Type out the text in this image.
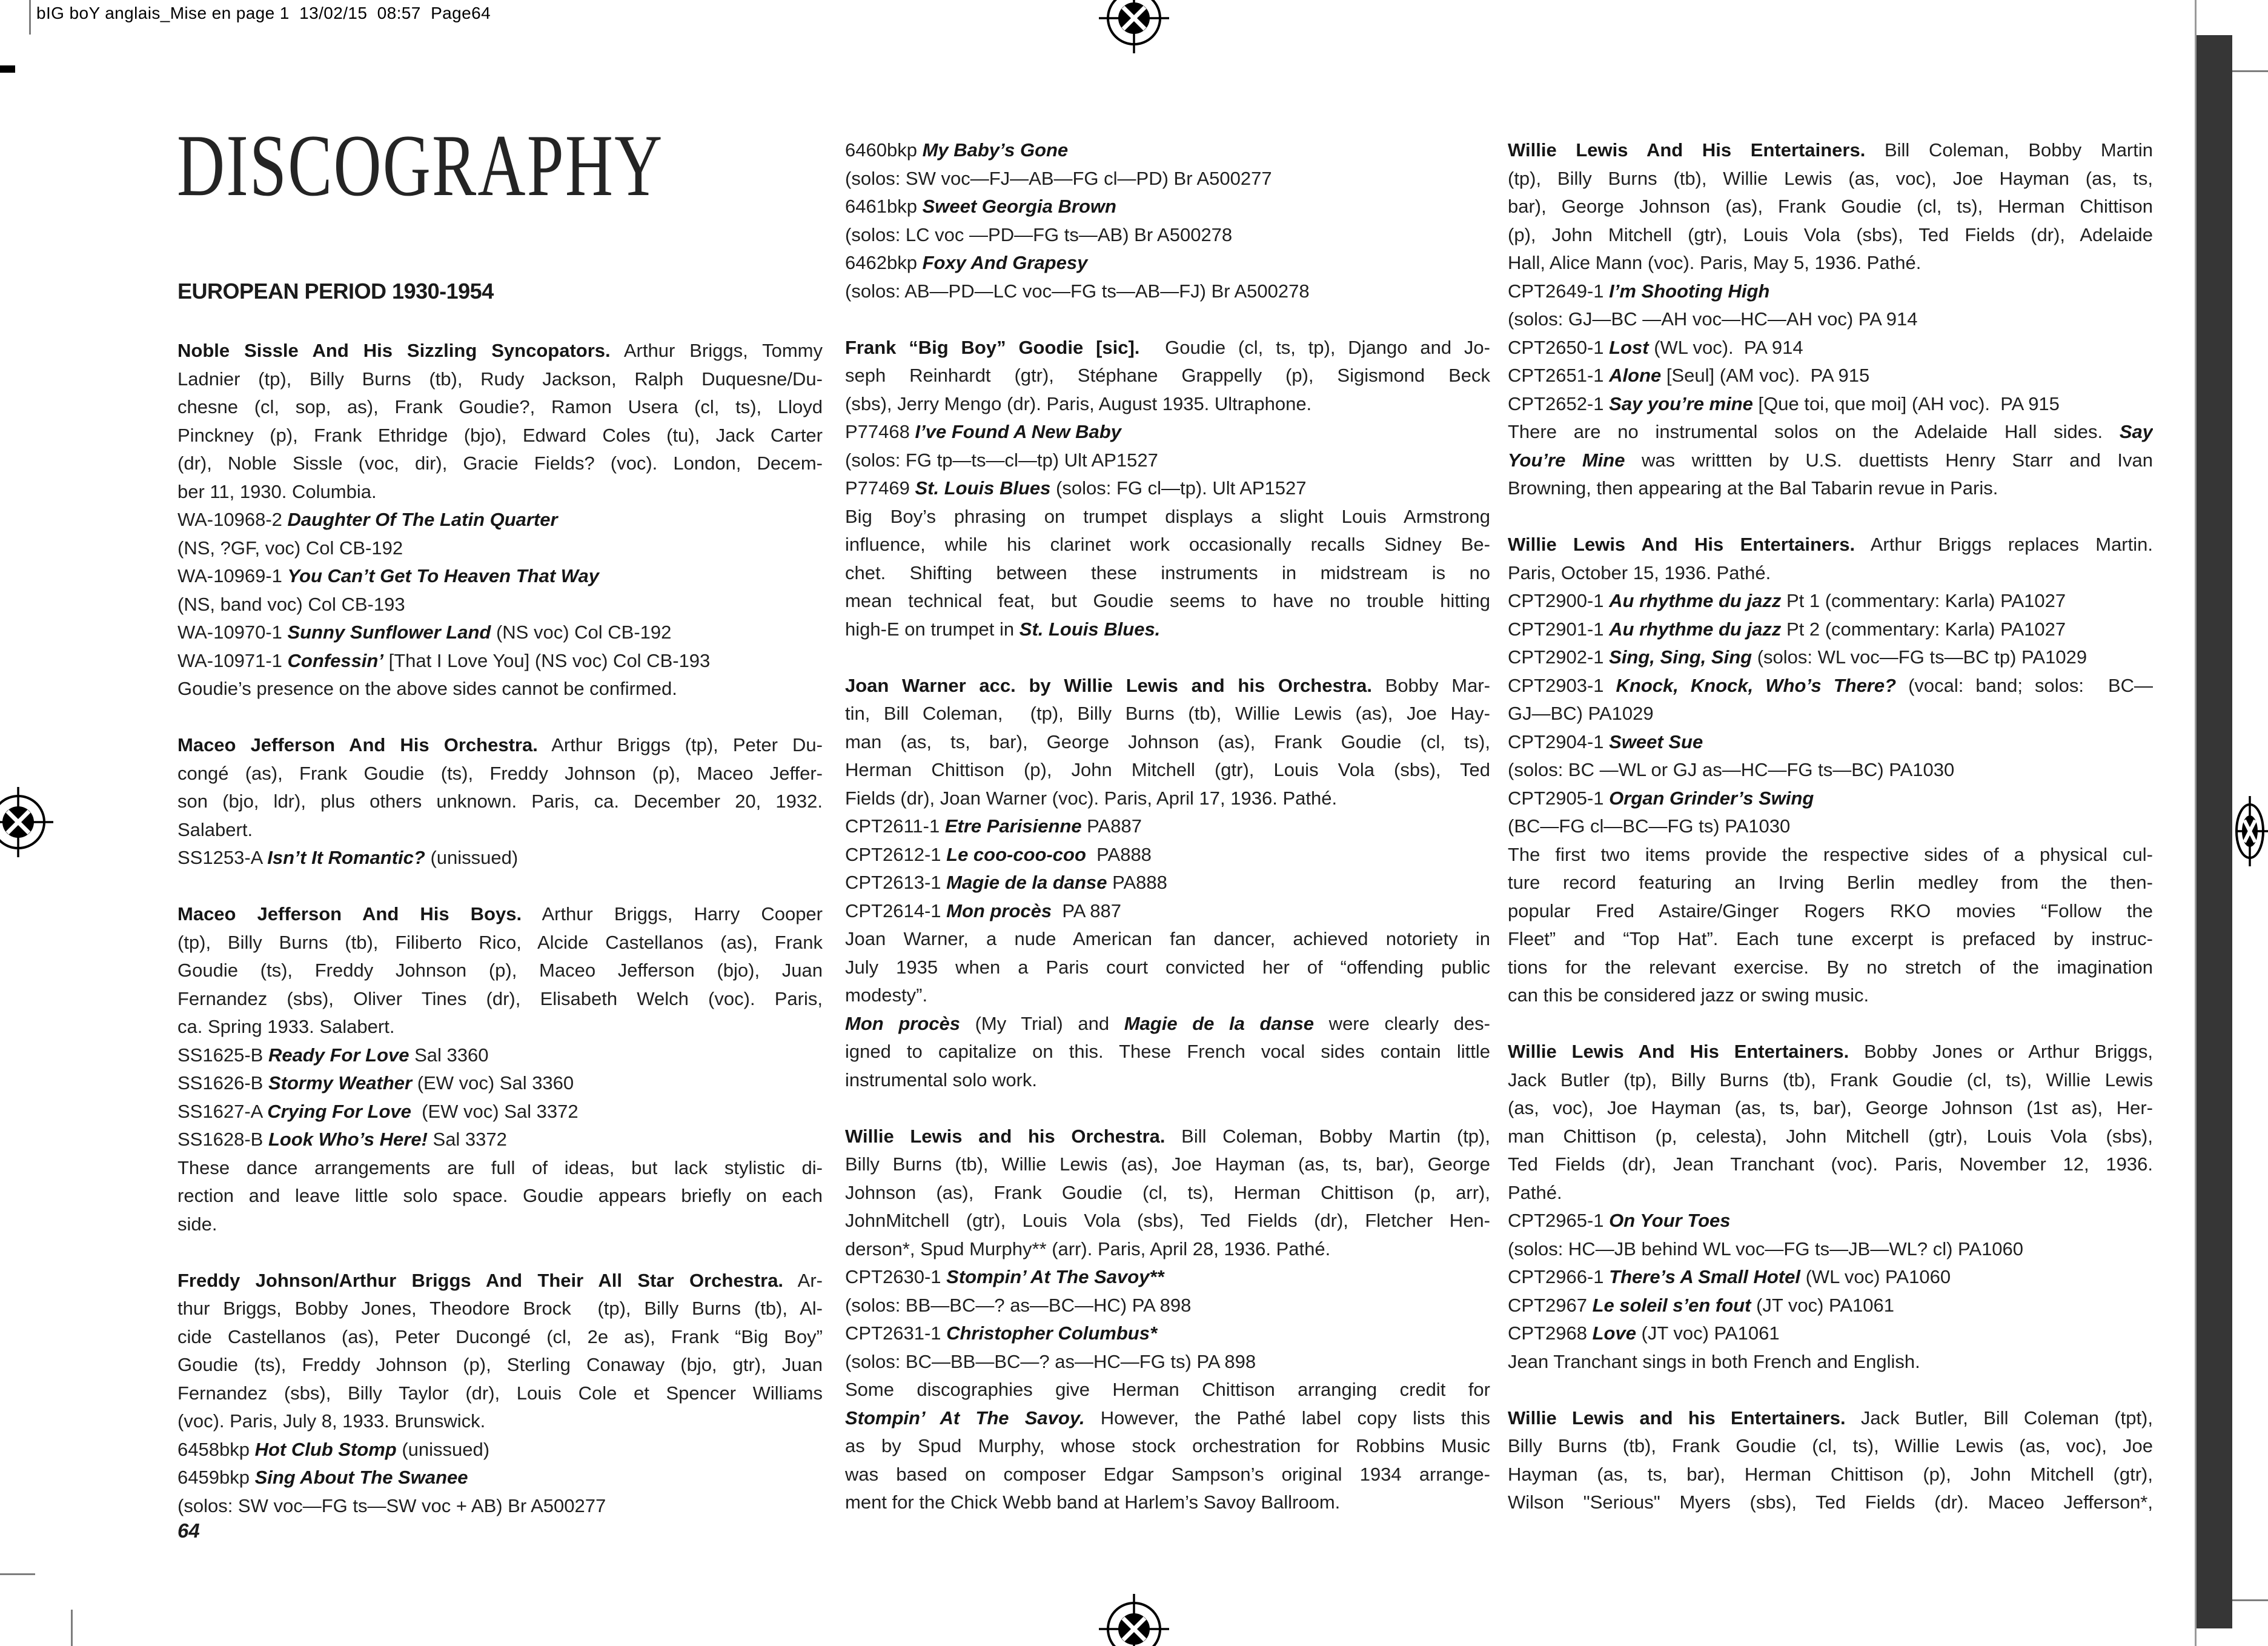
bIG boY anglais_Mise en page 1  13/02/15  08:57  Page64
DISCOGRAPHY
EUROPEAN PERIOD 1930-1954
Noble Sissle And His Sizzling Syncopators. Arthur Briggs, Tommy
Ladnier (tp), Billy Burns (tb), Rudy Jackson, Ralph Duquesne/Du-
chesne (cl, sop, as), Frank Goudie?, Ramon Usera (cl, ts), Lloyd
Pinckney (p), Frank Ethridge (bjo), Edward Coles (tu), Jack Carter
(dr), Noble Sissle (voc, dir), Gracie Fields? (voc). London, Decem-
ber 11, 1930. Columbia.
WA-10968-2 Daughter Of The Latin Quarter
(NS, ?GF, voc) Col CB-192
WA-10969-1 You Can’t Get To Heaven That Way
(NS, band voc) Col CB-193
WA-10970-1 Sunny Sunflower Land (NS voc) Col CB-192
WA-10971-1 Confessin’ [That I Love You] (NS voc) Col CB-193
Goudie’s presence on the above sides cannot be confirmed.
Maceo Jefferson And His Orchestra. Arthur Briggs (tp), Peter Du-
congé (as), Frank Goudie (ts), Freddy Johnson (p), Maceo Jeffer-
son (bjo, ldr), plus others unknown. Paris, ca. December 20, 1932.
Salabert.
SS1253-A Isn’t It Romantic? (unissued)
Maceo Jefferson And His Boys. Arthur Briggs, Harry Cooper
(tp), Billy Burns (tb), Filiberto Rico, Alcide Castellanos (as), Frank
Goudie (ts), Freddy Johnson (p), Maceo Jefferson (bjo), Juan
Fernandez (sbs), Oliver Tines (dr), Elisabeth Welch (voc). Paris,
ca. Spring 1933. Salabert.
SS1625-B Ready For Love Sal 3360
SS1626-B Stormy Weather (EW voc) Sal 3360
SS1627-A Crying For Love  (EW voc) Sal 3372
SS1628-B Look Who’s Here! Sal 3372
These dance arrangements are full of ideas, but lack stylistic di-
rection and leave little solo space. Goudie appears briefly on each
side.
Freddy Johnson/Arthur Briggs And Their All Star Orchestra. Ar-
thur Briggs, Bobby Jones, Theodore Brock  (tp), Billy Burns (tb), Al-
cide Castellanos (as), Peter Ducongé (cl, 2e as), Frank “Big Boy”
Goudie (ts), Freddy Johnson (p), Sterling Conaway (bjo, gtr), Juan
Fernandez (sbs), Billy Taylor (dr), Louis Cole et Spencer Williams
(voc). Paris, July 8, 1933. Brunswick.
6458bkp Hot Club Stomp (unissued)
6459bkp Sing About The Swanee
(solos: SW voc—FG ts—SW voc + AB) Br A500277
6460bkp My Baby’s Gone
(solos: SW voc—FJ—AB—FG cl—PD) Br A500277
6461bkp Sweet Georgia Brown
(solos: LC voc —PD—FG ts—AB) Br A500278
6462bkp Foxy And Grapesy
(solos: AB—PD—LC voc—FG ts—AB—FJ) Br A500278
Frank “Big Boy” Goodie [sic].  Goudie (cl, ts, tp), Django and Jo-
seph Reinhardt (gtr), Stéphane Grappelly (p), Sigismond Beck
(sbs), Jerry Mengo (dr). Paris, August 1935. Ultraphone.
P77468 I’ve Found A New Baby
(solos: FG tp—ts—cl—tp) Ult AP1527
P77469 St. Louis Blues (solos: FG cl—tp). Ult AP1527
Big Boy’s phrasing on trumpet displays a slight Louis Armstrong
influence, while his clarinet work occasionally recalls Sidney Be-
chet. Shifting between these instruments in midstream is no
mean technical feat, but Goudie seems to have no trouble hitting
high-E on trumpet in St. Louis Blues.
Joan Warner acc. by Willie Lewis and his Orchestra. Bobby Mar-
tin, Bill Coleman,  (tp), Billy Burns (tb), Willie Lewis (as), Joe Hay-
man (as, ts, bar), George Johnson (as), Frank Goudie (cl, ts),
Herman Chittison (p), John Mitchell (gtr), Louis Vola (sbs), Ted
Fields (dr), Joan Warner (voc). Paris, April 17, 1936. Pathé.
CPT2611-1 Etre Parisienne PA887
CPT2612-1 Le coo-coo-coo  PA888
CPT2613-1 Magie de la danse PA888
CPT2614-1 Mon procès  PA 887
Joan Warner, a nude American fan dancer, achieved notoriety in
July 1935 when a Paris court convicted her of “offending public
modesty”.
Mon procès (My Trial) and Magie de la danse were clearly des-
igned to capitalize on this. These French vocal sides contain little
instrumental solo work.
Willie Lewis and his Orchestra. Bill Coleman, Bobby Martin (tp),
Billy Burns (tb), Willie Lewis (as), Joe Hayman (as, ts, bar), George
Johnson (as), Frank Goudie (cl, ts), Herman Chittison (p, arr),
JohnMitchell (gtr), Louis Vola (sbs), Ted Fields (dr), Fletcher Hen-
derson*, Spud Murphy** (arr). Paris, April 28, 1936. Pathé.
CPT2630-1 Stompin’ At The Savoy**
(solos: BB—BC—? as—BC—HC) PA 898
CPT2631-1 Christopher Columbus*
(solos: BC—BB—BC—? as—HC—FG ts) PA 898
Some discographies give Herman Chittison arranging credit for
Stompin’ At The Savoy. However, the Pathé label copy lists this
as by Spud Murphy, whose stock orchestration for Robbins Music
was based on composer Edgar Sampson’s original 1934 arrange-
ment for the Chick Webb band at Harlem’s Savoy Ballroom.
Willie Lewis And His Entertainers. Bill Coleman, Bobby Martin
(tp), Billy Burns (tb), Willie Lewis (as, voc), Joe Hayman (as, ts,
bar), George Johnson (as), Frank Goudie (cl, ts), Herman Chittison
(p), John Mitchell (gtr), Louis Vola (sbs), Ted Fields (dr), Adelaide
Hall, Alice Mann (voc). Paris, May 5, 1936. Pathé.
CPT2649-1 I’m Shooting High
(solos: GJ—BC —AH voc—HC—AH voc) PA 914
CPT2650-1 Lost (WL voc).  PA 914
CPT2651-1 Alone [Seul] (AM voc).  PA 915
CPT2652-1 Say you’re mine [Que toi, que moi] (AH voc).  PA 915
There are no instrumental solos on the Adelaide Hall sides. Say
You’re Mine was writtten by U.S. duettists Henry Starr and Ivan
Browning, then appearing at the Bal Tabarin revue in Paris.
Willie Lewis And His Entertainers. Arthur Briggs replaces Martin.
Paris, October 15, 1936. Pathé.
CPT2900-1 Au rhythme du jazz Pt 1 (commentary: Karla) PA1027
CPT2901-1 Au rhythme du jazz Pt 2 (commentary: Karla) PA1027
CPT2902-1 Sing, Sing, Sing (solos: WL voc—FG ts—BC tp) PA1029
CPT2903-1 Knock, Knock, Who’s There? (vocal: band; solos:  BC—
GJ—BC) PA1029
CPT2904-1 Sweet Sue
(solos: BC —WL or GJ as—HC—FG ts—BC) PA1030
CPT2905-1 Organ Grinder’s Swing
(BC—FG cl—BC—FG ts) PA1030
The first two items provide the respective sides of a physical cul-
ture record featuring an Irving Berlin medley from the then-
popular Fred Astaire/Ginger Rogers RKO movies “Follow the
Fleet” and “Top Hat”. Each tune excerpt is prefaced by instruc-
tions for the relevant exercise. By no stretch of the imagination
can this be considered jazz or swing music.
Willie Lewis And His Entertainers. Bobby Jones or Arthur Briggs,
Jack Butler (tp), Billy Burns (tb), Frank Goudie (cl, ts), Willie Lewis
(as, voc), Joe Hayman (as, ts, bar), George Johnson (1st as), Her-
man Chittison (p, celesta), John Mitchell (gtr), Louis Vola (sbs),
Ted Fields (dr), Jean Tranchant (voc). Paris, November 12, 1936.
Pathé.
CPT2965-1 On Your Toes
(solos: HC—JB behind WL voc—FG ts—JB—WL? cl) PA1060
CPT2966-1 There’s A Small Hotel (WL voc) PA1060
CPT2967 Le soleil s’en fout (JT voc) PA1061
CPT2968 Love (JT voc) PA1061
Jean Tranchant sings in both French and English.
Willie Lewis and his Entertainers. Jack Butler, Bill Coleman (tpt),
Billy Burns (tb), Frank Goudie (cl, ts), Willie Lewis (as, voc), Joe
Hayman (as, ts, bar), Herman Chittison (p), John Mitchell (gtr),
Wilson "Serious" Myers (sbs), Ted Fields (dr). Maceo Jefferson*,
64
